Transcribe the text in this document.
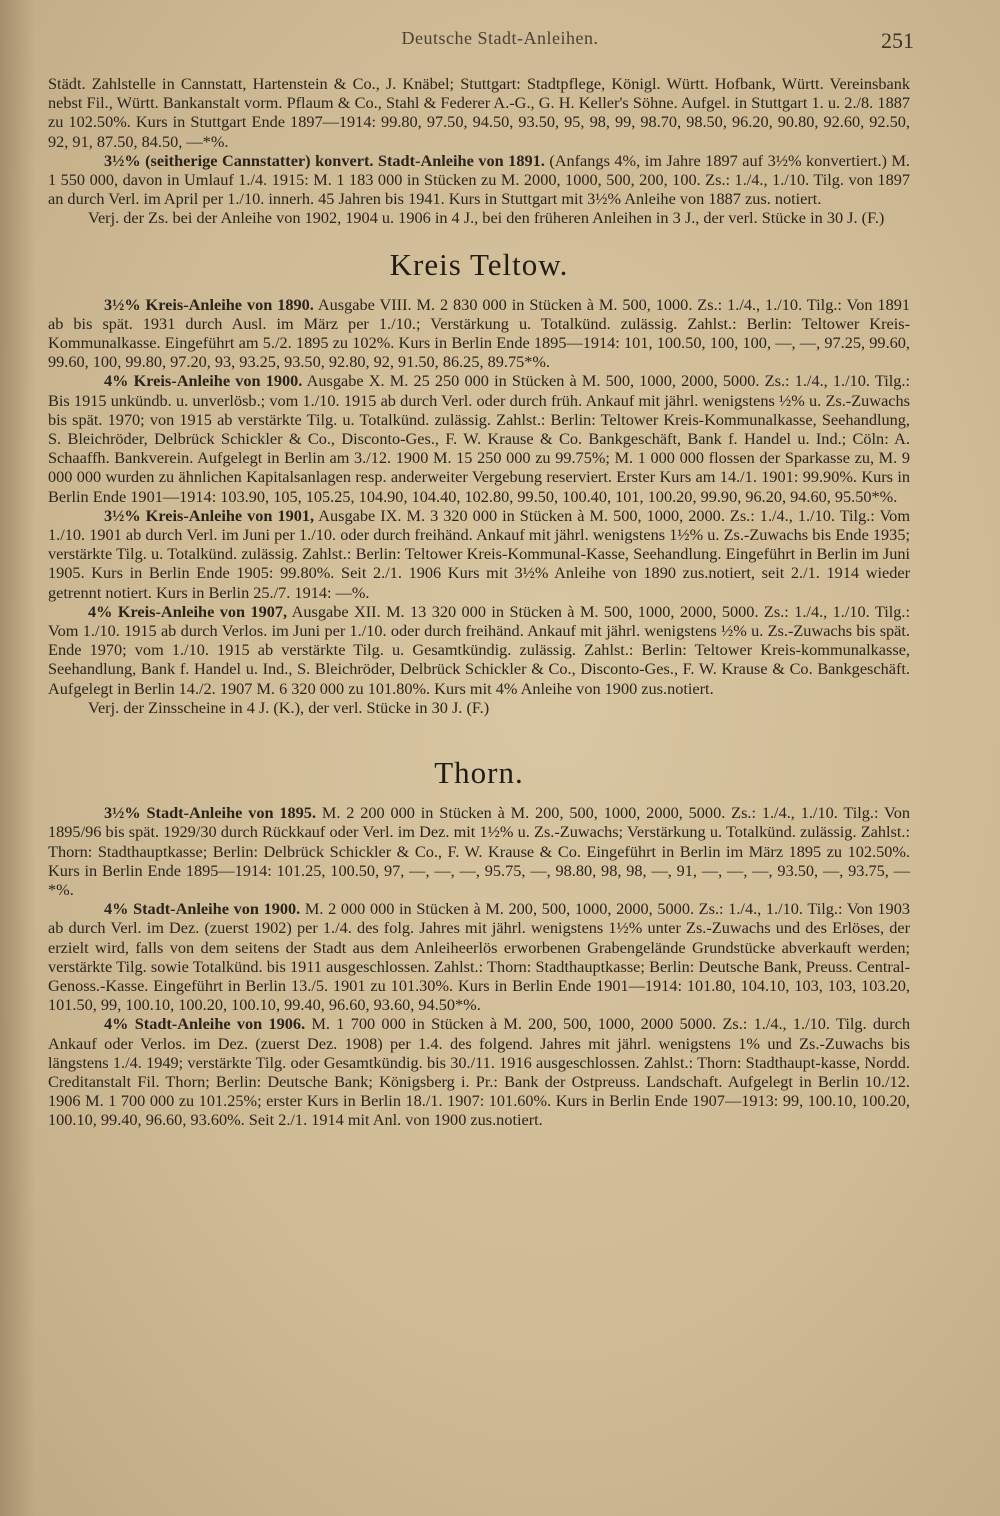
Deutsche Stadt-Anleihen.	251

Städt. Zahlstelle in Cannstatt, Hartenstein & Co., J. Knäbel; Stuttgart: Stadtpflege, Königl. Württ. Hofbank, Württ. Vereinsbank nebst Fil., Württ. Bankanstalt vorm. Pflaum & Co., Stahl & Federer A.-G., G. H. Keller's Söhne. Aufgel. in Stuttgart 1. u. 2./8. 1887 zu 102.50%. Kurs in Stuttgart Ende 1897—1914: 99.80, 97.50, 94.50, 93.50, 95, 98, 99, 98.70, 98.50, 96.20, 90.80, 92.60, 92.50, 92, 91, 87.50, 84.50, —*%.

3½% (seitherige Cannstatter) konvert. Stadt-Anleihe von 1891. (Anfangs 4%, im Jahre 1897 auf 3½% konvertiert.) M. 1 550 000, davon in Umlauf 1./4. 1915: M. 1 183 000 in Stücken zu M. 2000, 1000, 500, 200, 100. Zs.: 1./4., 1./10. Tilg. von 1897 an durch Verl. im April per 1./10. innerh. 45 Jahren bis 1941. Kurs in Stuttgart mit 3½% Anleihe von 1887 zus. notiert.

Verj. der Zs. bei der Anleihe von 1902, 1904 u. 1906 in 4 J., bei den früheren Anleihen in 3 J., der verl. Stücke in 30 J. (F.)

Kreis Teltow.

3½% Kreis-Anleihe von 1890. Ausgabe VIII. M. 2 830 000 in Stücken à M. 500, 1000. Zs.: 1./4., 1./10. Tilg.: Von 1891 ab bis spät. 1931 durch Ausl. im März per 1./10.; Verstärkung u. Totalkünd. zulässig. Zahlst.: Berlin: Teltower Kreis-Kommunalkasse. Eingeführt am 5./2. 1895 zu 102%. Kurs in Berlin Ende 1895—1914: 101, 100.50, 100, 100, —, —, 97.25, 99.60, 99.60, 100, 99.80, 97.20, 93, 93.25, 93.50, 92.80, 92, 91.50, 86.25, 89.75*%.

4% Kreis-Anleihe von 1900. Ausgabe X. M. 25 250 000 in Stücken à M. 500, 1000, 2000, 5000. Zs.: 1./4., 1./10. Tilg.: Bis 1915 unkündb. u. unverlösb.; vom 1./10. 1915 ab durch Verl. oder durch früh. Ankauf mit jährl. wenigstens ½% u. Zs.-Zuwachs bis spät. 1970; von 1915 ab verstärkte Tilg. u. Totalkünd. zulässig. Zahlst.: Berlin: Teltower Kreis-Kommunalkasse, Seehandlung, S. Bleichröder, Delbrück Schickler & Co., Disconto-Ges., F. W. Krause & Co. Bankgeschäft, Bank f. Handel u. Ind.; Cöln: A. Schaaffh. Bankverein. Aufgelegt in Berlin am 3./12. 1900 M. 15 250 000 zu 99.75%; M. 1 000 000 flossen der Sparkasse zu, M. 9 000 000 wurden zu ähnlichen Kapitalsanlagen resp. anderweiter Vergebung reserviert. Erster Kurs am 14./1. 1901: 99.90%. Kurs in Berlin Ende 1901—1914: 103.90, 105, 105.25, 104.90, 104.40, 102.80, 99.50, 100.40, 101, 100.20, 99.90, 96.20, 94.60, 95.50*%.

3½% Kreis-Anleihe von 1901, Ausgabe IX. M. 3 320 000 in Stücken à M. 500, 1000, 2000. Zs.: 1./4., 1./10. Tilg.: Vom 1./10. 1901 ab durch Verl. im Juni per 1./10. oder durch freihänd. Ankauf mit jährl. wenigstens 1½% u. Zs.-Zuwachs bis Ende 1935; verstärkte Tilg. u. Totalkünd. zulässig. Zahlst.: Berlin: Teltower Kreis-Kommunal-Kasse, Seehandlung. Eingeführt in Berlin im Juni 1905. Kurs in Berlin Ende 1905: 99.80%. Seit 2./1. 1906 Kurs mit 3½% Anleihe von 1890 zus.notiert, seit 2./1. 1914 wieder getrennt notiert. Kurs in Berlin 25./7. 1914: —%.

4% Kreis-Anleihe von 1907, Ausgabe XII. M. 13 320 000 in Stücken à M. 500, 1000, 2000, 5000. Zs.: 1./4., 1./10. Tilg.: Vom 1./10. 1915 ab durch Verlos. im Juni per 1./10. oder durch freihänd. Ankauf mit jährl. wenigstens ½% u. Zs.-Zuwachs bis spät. Ende 1970; vom 1./10. 1915 ab verstärkte Tilg. u. Gesamtkündig. zulässig. Zahlst.: Berlin: Teltower Kreis-kommunalkasse, Seehandlung, Bank f. Handel u. Ind., S. Bleichröder, Delbrück Schickler & Co., Disconto-Ges., F. W. Krause & Co. Bankgeschäft. Aufgelegt in Berlin 14./2. 1907 M. 6 320 000 zu 101.80%. Kurs mit 4% Anleihe von 1900 zus.notiert.

Verj. der Zinsscheine in 4 J. (K.), der verl. Stücke in 30 J. (F.)

Thorn.

3½% Stadt-Anleihe von 1895. M. 2 200 000 in Stücken à M. 200, 500, 1000, 2000, 5000. Zs.: 1./4., 1./10. Tilg.: Von 1895/96 bis spät. 1929/30 durch Rückkauf oder Verl. im Dez. mit 1½% u. Zs.-Zuwachs; Verstärkung u. Totalkünd. zulässig. Zahlst.: Thorn: Stadthauptkasse; Berlin: Delbrück Schickler & Co., F. W. Krause & Co. Eingeführt in Berlin im März 1895 zu 102.50%. Kurs in Berlin Ende 1895—1914: 101.25, 100.50, 97, —, —, —, 95.75, —, 98.80, 98, 98, —, 91, —, —, —, 93.50, —, 93.75, —*%.

4% Stadt-Anleihe von 1900. M. 2 000 000 in Stücken à M. 200, 500, 1000, 2000, 5000. Zs.: 1./4., 1./10. Tilg.: Von 1903 ab durch Verl. im Dez. (zuerst 1902) per 1./4. des folg. Jahres mit jährl. wenigstens 1½% unter Zs.-Zuwachs und des Erlöses, der erzielt wird, falls von dem seitens der Stadt aus dem Anleiheerlös erworbenen Grabengelände Grundstücke abverkauft werden; verstärkte Tilg. sowie Totalkünd. bis 1911 ausgeschlossen. Zahlst.: Thorn: Stadthauptkasse; Berlin: Deutsche Bank, Preuss. Central-Genoss.-Kasse. Eingeführt in Berlin 13./5. 1901 zu 101.30%. Kurs in Berlin Ende 1901—1914: 101.80, 104.10, 103, 103, 103.20, 101.50, 99, 100.10, 100.20, 100.10, 99.40, 96.60, 93.60, 94.50*%.

4% Stadt-Anleihe von 1906. M. 1 700 000 in Stücken à M. 200, 500, 1000, 2000 5000. Zs.: 1./4., 1./10. Tilg. durch Ankauf oder Verlos. im Dez. (zuerst Dez. 1908) per 1.4. des folgend. Jahres mit jährl. wenigstens 1% und Zs.-Zuwachs bis längstens 1./4. 1949; verstärkte Tilg. oder Gesamtkündig. bis 30./11. 1916 ausgeschlossen. Zahlst.: Thorn: Stadthaupt-kasse, Nordd. Creditanstalt Fil. Thorn; Berlin: Deutsche Bank; Königsberg i. Pr.: Bank der Ostpreuss. Landschaft. Aufgelegt in Berlin 10./12. 1906 M. 1 700 000 zu 101.25%; erster Kurs in Berlin 18./1. 1907: 101.60%. Kurs in Berlin Ende 1907—1913: 99, 100.10, 100.20, 100.10, 99.40, 96.60, 93.60%. Seit 2./1. 1914 mit Anl. von 1900 zus.notiert.
